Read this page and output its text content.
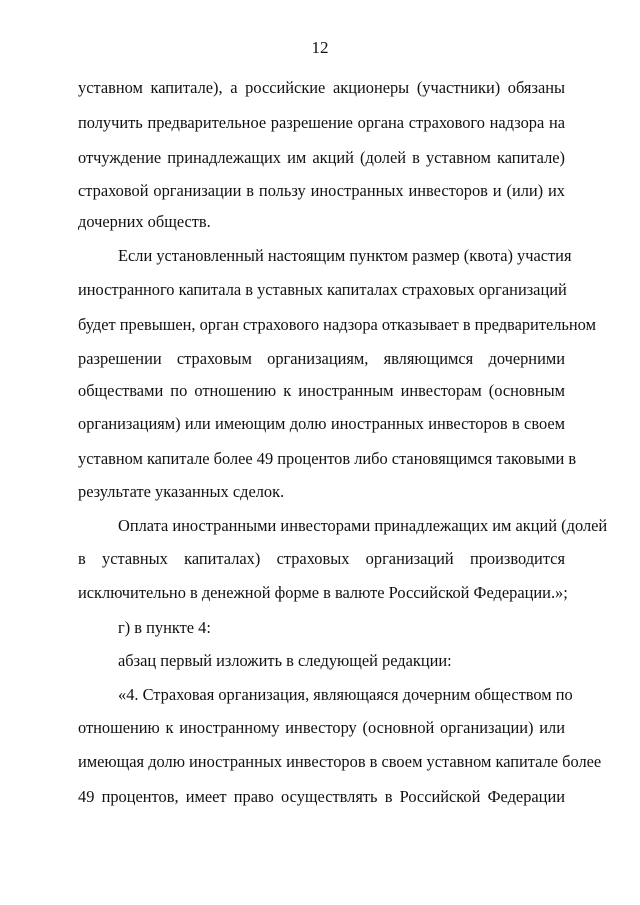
12
уставном капитале), а российские акционеры (участники) обязаны
получить предварительное разрешение органа страхового надзора на
отчуждение принадлежащих им акций (долей в уставном капитале)
страховой организации в пользу иностранных инвесторов и (или) их
дочерних обществ.
Если установленный настоящим пунктом размер (квота) участия
иностранного капитала в уставных капиталах страховых организаций
будет превышен, орган страхового надзора отказывает в предварительном
разрешении страховым организациям, являющимся дочерними
обществами по отношению к иностранным инвесторам (основным
организациям) или имеющим долю иностранных инвесторов в своем
уставном капитале более 49 процентов либо становящимся таковыми в
результате указанных сделок.
Оплата иностранными инвесторами принадлежащих им акций (долей
в уставных капиталах) страховых организаций производится
исключительно в денежной форме в валюте Российской Федерации.»;
г) в пункте 4:
абзац первый изложить в следующей редакции:
«4. Страховая организация, являющаяся дочерним обществом по
отношению к иностранному инвестору (основной организации) или
имеющая долю иностранных инвесторов в своем уставном капитале более
49 процентов, имеет право осуществлять в Российской Федерации
